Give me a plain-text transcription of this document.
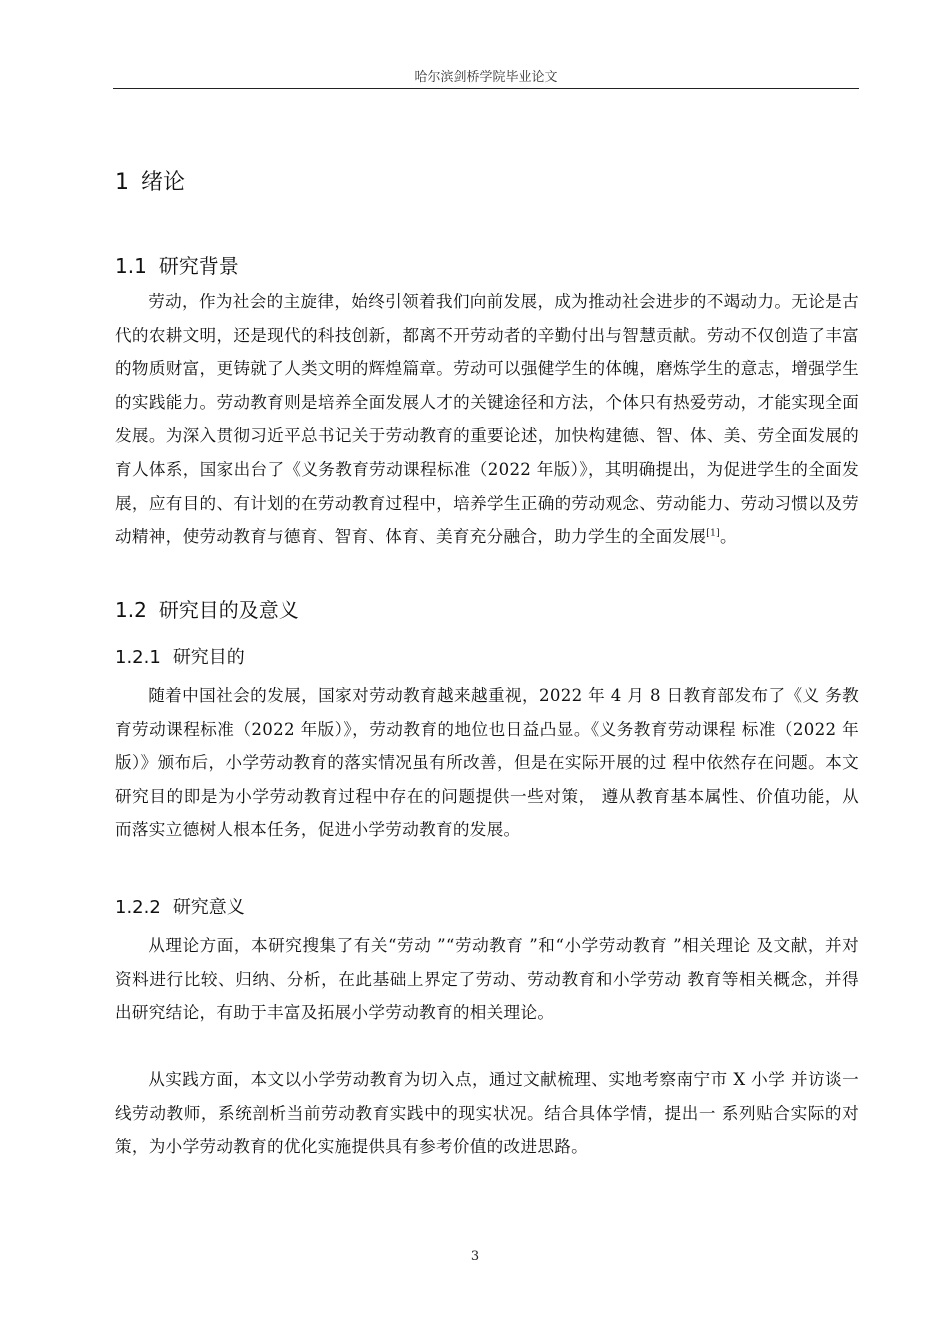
哈尔滨剑桥学院毕业论文
1 绪论
1.1 研究背景

劳动，作为社会的主旋律，始终引领着我们向前发展，成为推动社会进步的不竭动力。无论是古代的农耕文明，还是现代的科技创新，都离不开劳动者的辛勤付出与智慧贡献。劳动不仅创造了丰富的物质财富，更铸就了人类文明的辉煌篇章。劳动可以强健学生的体魄，磨炼学生的意志，增强学生的实践能力。劳动教育则是培养全面发展人才的关键途径和方法，个体只有热爱劳动，才能实现全面发展。为深入贯彻习近平总书记关于劳动教育的重要论述，加快构建德、智、体、美、劳全面发展的育人体系，国家出台了《义务教育劳动课程标准（2022 年版）》，其明确提出，为促进学生的全面发展，应有目的、有计划的在劳动教育过程中，培养学生正确的劳动观念、劳动能力、劳动习惯以及劳动精神，使劳动教育与德育、智育、体育、美育充分融合，助力学生的全面发展[1]。

1.2 研究目的及意义
1.2.1 研究目的

随着中国社会的发展，国家对劳动教育越来越重视，2022 年 4 月 8 日教育部发布了《义 务教育劳动课程标准（2022 年版）》，劳动教育的地位也日益凸显。《义务教育劳动课程 标准（2022 年版）》颁布后，小学劳动教育的落实情况虽有所改善，但是在实际开展的过 程中依然存在问题。本文研究目的即是为小学劳动教育过程中存在的问题提供一些对策， 遵从教育基本属性、价值功能，从而落实立德树人根本任务，促进小学劳动教育的发展。

1.2.2 研究意义

从理论方面，本研究搜集了有关“劳动 ”“劳动教育 ”和“小学劳动教育 ”相关理论 及文献，并对资料进行比较、归纳、分析，在此基础上界定了劳动、劳动教育和小学劳动 教育等相关概念，并得出研究结论，有助于丰富及拓展小学劳动教育的相关理论。

从实践方面，本文以小学劳动教育为切入点，通过文献梳理、实地考察南宁市 X 小学 并访谈一线劳动教师，系统剖析当前劳动教育实践中的现实状况。结合具体学情，提出一 系列贴合实际的对策，为小学劳动教育的优化实施提供具有参考价值的改进思路。

3
